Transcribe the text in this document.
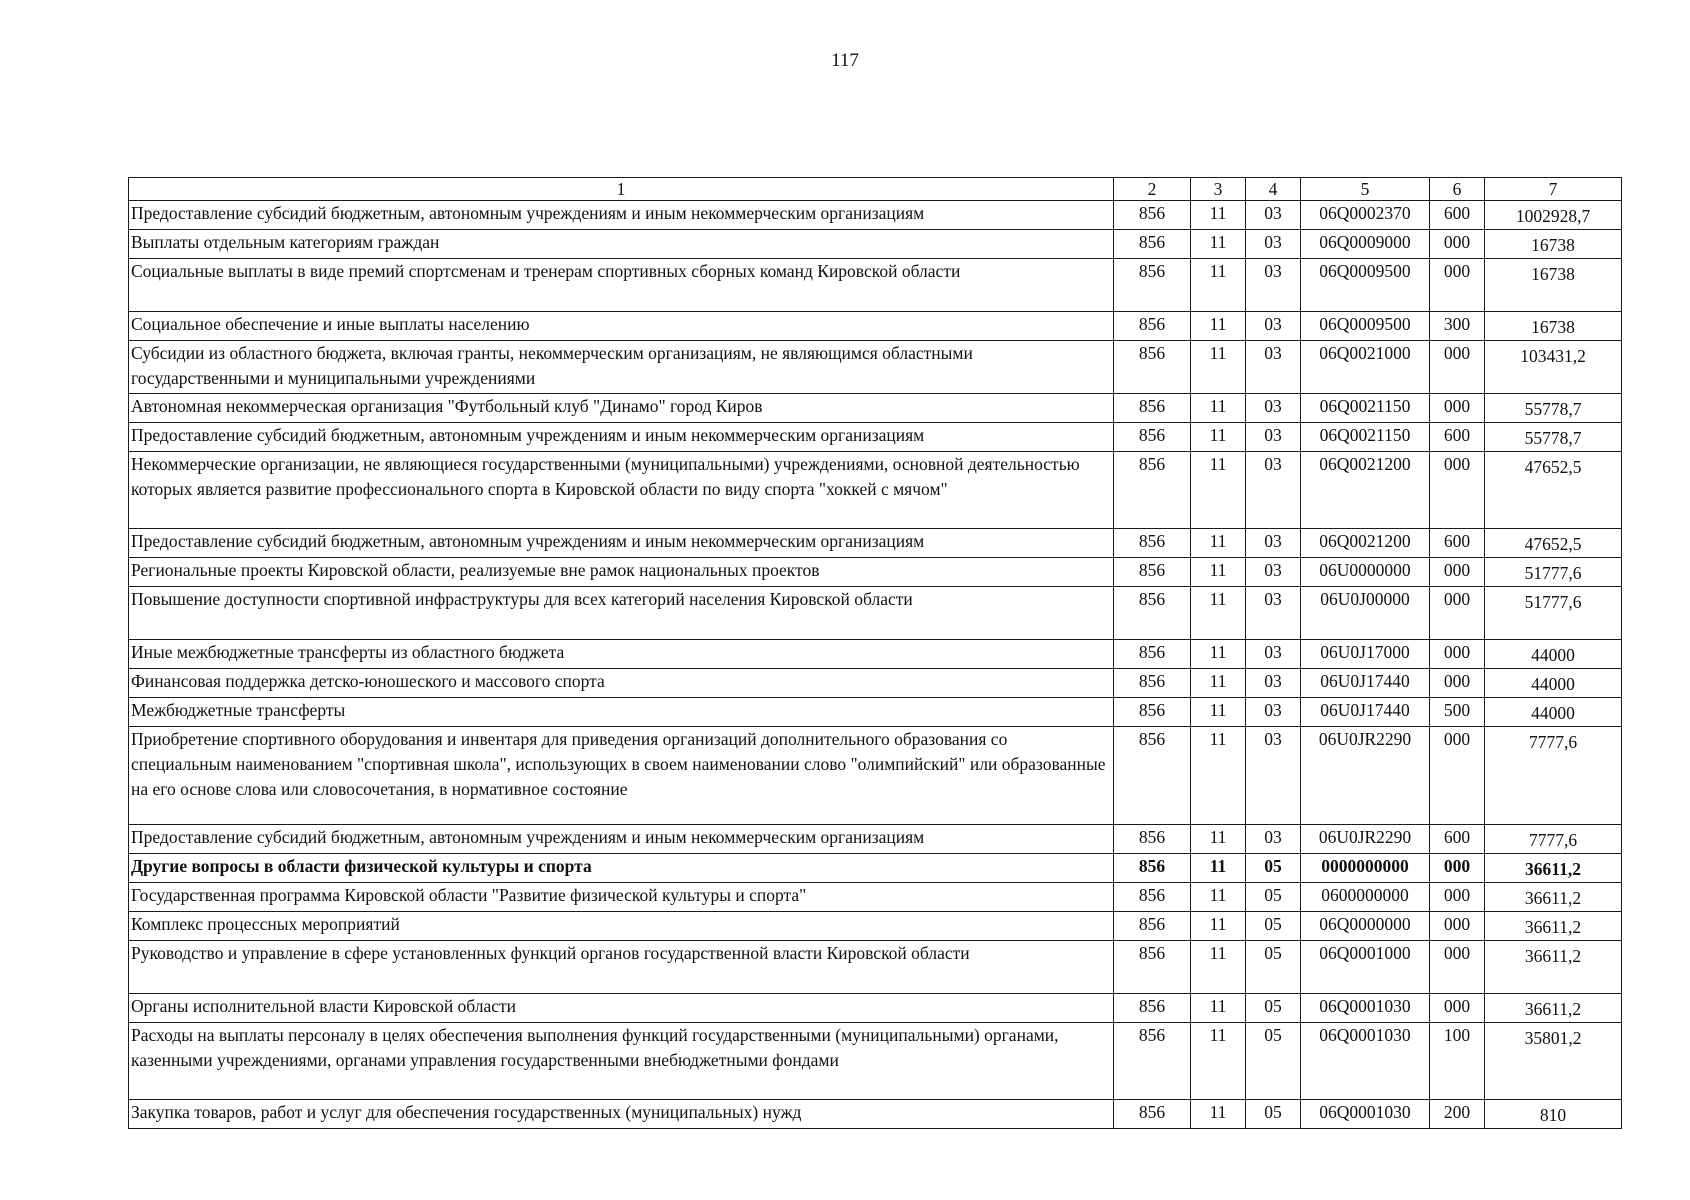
117
1	2	3	4	5	6	7
Предоставление субсидий бюджетным, автономным учреждениям и иным некоммерческим организациям	856	11	03	06Q0002370	600	1002928,7
Выплаты отдельным категориям граждан	856	11	03	06Q0009000	000	16738
Социальные выплаты в виде премий спортсменам и тренерам спортивных сборных команд Кировской области	856	11	03	06Q0009500	000	16738
Социальное обеспечение и иные выплаты населению	856	11	03	06Q0009500	300	16738
Субсидии из областного бюджета, включая гранты, некоммерческим организациям, не являющимся областными государственными и муниципальными учреждениями	856	11	03	06Q0021000	000	103431,2
Автономная некоммерческая организация "Футбольный клуб "Динамо" город Киров	856	11	03	06Q0021150	000	55778,7
Предоставление субсидий бюджетным, автономным учреждениям и иным некоммерческим организациям	856	11	03	06Q0021150	600	55778,7
Некоммерческие организации, не являющиеся государственными (муниципальными) учреждениями, основной деятельностью которых является развитие профессионального спорта в Кировской области по виду спорта "хоккей с мячом"	856	11	03	06Q0021200	000	47652,5
Предоставление субсидий бюджетным, автономным учреждениям и иным некоммерческим организациям	856	11	03	06Q0021200	600	47652,5
Региональные проекты Кировской области, реализуемые вне рамок национальных проектов	856	11	03	06U0000000	000	51777,6
Повышение доступности спортивной инфраструктуры для всех категорий населения Кировской области	856	11	03	06U0J00000	000	51777,6
Иные межбюджетные трансферты из областного бюджета	856	11	03	06U0J17000	000	44000
Финансовая поддержка детско-юношеского и массового спорта	856	11	03	06U0J17440	000	44000
Межбюджетные трансферты	856	11	03	06U0J17440	500	44000
Приобретение спортивного оборудования и инвентаря для приведения организаций дополнительного образования со специальным наименованием "спортивная школа", использующих в своем наименовании слово "олимпийский" или образованные на его основе слова или словосочетания, в нормативное состояние	856	11	03	06U0JR2290	000	7777,6
Предоставление субсидий бюджетным, автономным учреждениям и иным некоммерческим организациям	856	11	03	06U0JR2290	600	7777,6
Другие вопросы в области физической культуры и спорта	856	11	05	0000000000	000	36611,2
Государственная программа Кировской области "Развитие физической культуры и спорта"	856	11	05	0600000000	000	36611,2
Комплекс процессных мероприятий	856	11	05	06Q0000000	000	36611,2
Руководство и управление в сфере установленных функций органов государственной власти Кировской области	856	11	05	06Q0001000	000	36611,2
Органы исполнительной власти Кировской области	856	11	05	06Q0001030	000	36611,2
Расходы на выплаты персоналу в целях обеспечения выполнения функций государственными (муниципальными) органами, казенными учреждениями, органами управления государственными внебюджетными фондами	856	11	05	06Q0001030	100	35801,2
Закупка товаров, работ и услуг для обеспечения государственных (муниципальных) нужд	856	11	05	06Q0001030	200	810
